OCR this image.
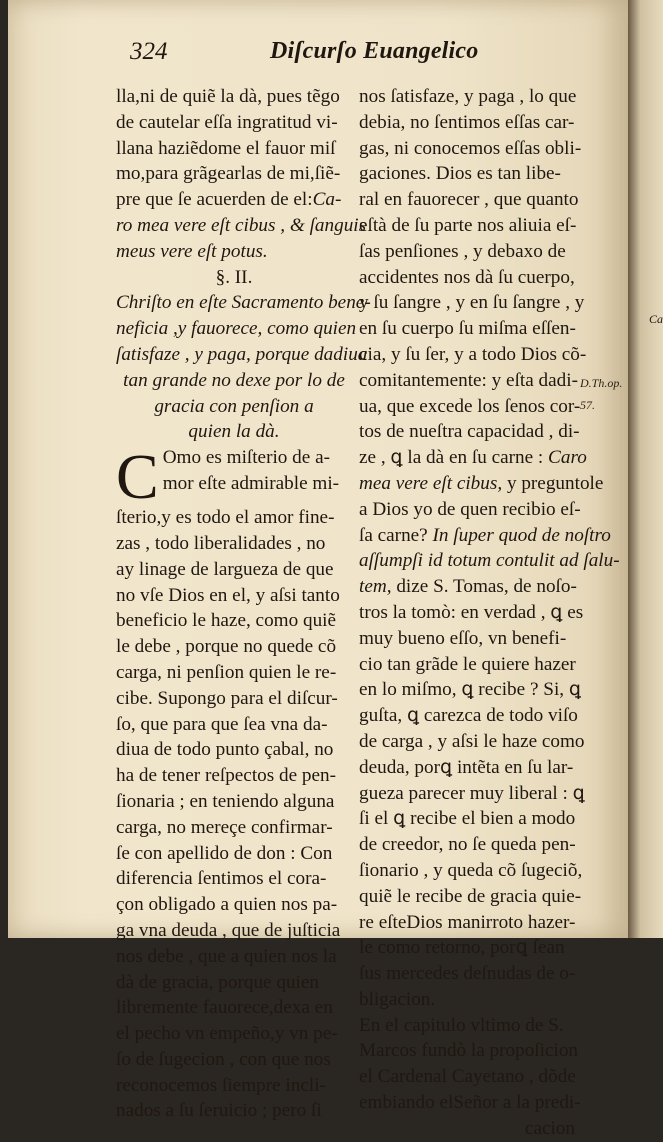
Ca
324	Diſcurſo Euangelico
lla,ni de quiẽ la dà, pues tẽgo
de cautelar eſſa ingratitud vi-
llana haziẽdome el fauor miſ
mo,para grãgearlas de mi,ſiẽ-
pre que ſe acuerden de el:Ca-
ro mea vere eſt cibus , & ſanguis
meus vere eſt potus.
§. II.
Chriſto en eſte Sacramento bene-
neficia ,y fauorece, como quien
ſatisfaze , y paga, porque dadiua
tan grande no dexe por lo de
gracia con penſion a
quien la dà.
C Omo es miſterio de a-
mor eſte admirable mi-
ſterio,y es todo el amor fine-
zas , todo liberalidades , no
ay linage de largueza de que
no vſe Dios en el, y aſsi tanto
beneficio le haze, como quiẽ
le debe , porque no quede cõ
carga, ni penſion quien le re-
cibe. Supongo para el diſcur-
ſo, que para que ſea vna da-
diua de todo punto çabal, no
ha de tener reſpectos de pen-
ſionaria ; en teniendo alguna
carga, no mereçe confirmar-
ſe con apellido de don : Con
diferencia ſentimos el cora-
çon obligado a quien nos pa-
ga vna deuda , que de juſticia
nos debe , que a quien nos la
dà de gracia, porque quien
libremente fauorece,dexa en
el pecho vn empeño,y vn pe-
ſo de ſugecion , con que nos
reconocemos ſiempre incli-
nados a ſu ſeruicio ; pero ſi
nos ſatisfaze, y paga , lo que
debia, no ſentimos eſſas car-
gas, ni conocemos eſſas obli-
gaciones. Dios es tan libe-
ral en fauorecer , que quanto
eſtà de ſu parte nos aliuia eſ-
ſas penſiones , y debaxo de
accidentes nos dà ſu cuerpo,
y ſu ſangre , y en ſu ſangre , y
en ſu cuerpo ſu miſma eſſen-
cia, y ſu ſer, y a todo Dios cõ-
comitantemente: y eſta dadi-
ua, que excede los ſenos cor-
tos de nueſtra capacidad , di-
ze , ꝗ la dà en ſu carne : Caro
mea vere eſt cibus, y preguntole
a Dios yo de quen recibio eſ-
ſa carne? In ſuper quod de noſtro
aſſumpſi id totum contulit ad ſalu-
tem, dize S. Tomas, de noſo-
tros la tomò: en verdad , ꝗ es
muy bueno eſſo, vn benefi-
cio tan grãde le quiere hazer
en lo miſmo, ꝗ recibe ? Si, ꝗ
guſta, ꝗ carezca de todo viſo
de carga , y aſsi le haze como
deuda, porꝗ intẽta en ſu lar-
gueza parecer muy liberal : ꝗ
ſi el ꝗ recibe el bien a modo
de creedor, no ſe queda pen-
ſionario , y queda cõ ſugeciõ,
quiẽ le recibe de gracia quie-
re eſteDios manirroto hazer-
le como retorno, porꝗ ſean
ſus mercedes deſnudas de o-
bligacion.
En el capitulo vltimo de S.
Marcos fundò la propoſicion
el Cardenal Cayetano , dõde
embiando elSeñor a la predi-
cacion
D.Th.op.
57.
